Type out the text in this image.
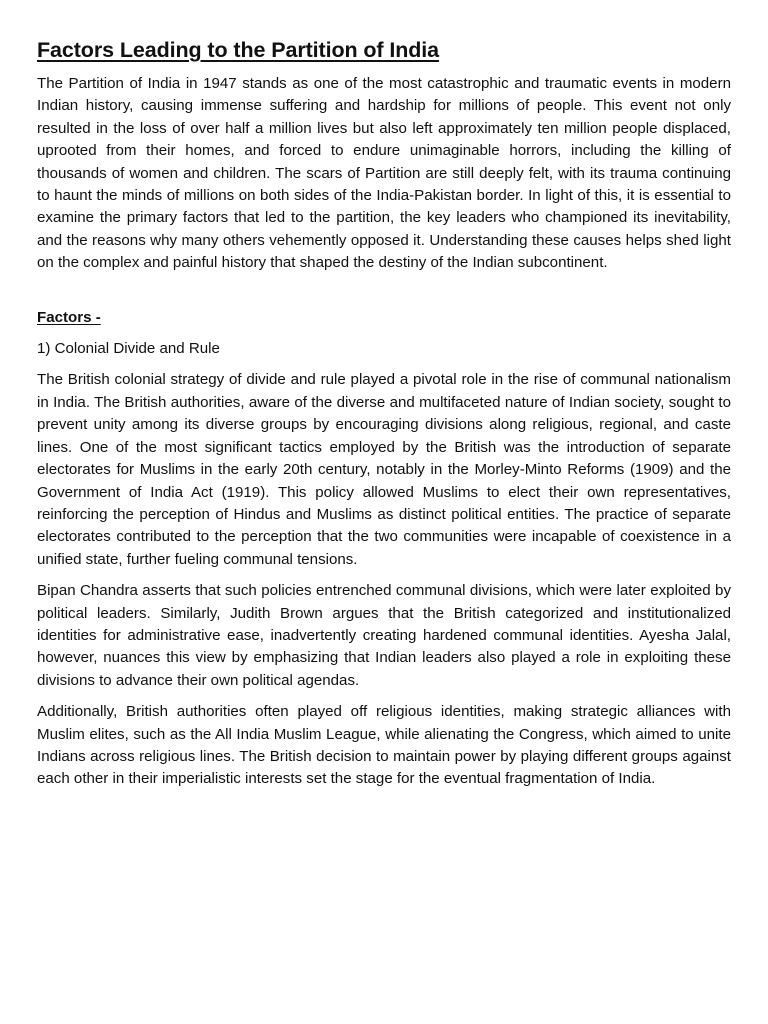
Factors Leading to the Partition of India

The Partition of India in 1947 stands as one of the most catastrophic and traumatic events in modern Indian history, causing immense suffering and hardship for millions of people. This event not only resulted in the loss of over half a million lives but also left approximately ten million people displaced, uprooted from their homes, and forced to endure unimaginable horrors, including the killing of thousands of women and children. The scars of Partition are still deeply felt, with its trauma continuing to haunt the minds of millions on both sides of the India-Pakistan border. In light of this, it is essential to examine the primary factors that led to the partition, the key leaders who championed its inevitability, and the reasons why many others vehemently opposed it. Understanding these causes helps shed light on the complex and painful history that shaped the destiny of the Indian subcontinent.

Factors -
1) Colonial Divide and Rule

The British colonial strategy of divide and rule played a pivotal role in the rise of communal nationalism in India. The British authorities, aware of the diverse and multifaceted nature of Indian society, sought to prevent unity among its diverse groups by encouraging divisions along religious, regional, and caste lines. One of the most significant tactics employed by the British was the introduction of separate electorates for Muslims in the early 20th century, notably in the Morley-Minto Reforms (1909) and the Government of India Act (1919). This policy allowed Muslims to elect their own representatives, reinforcing the perception of Hindus and Muslims as distinct political entities. The practice of separate electorates contributed to the perception that the two communities were incapable of coexistence in a unified state, further fueling communal tensions.

Bipan Chandra asserts that such policies entrenched communal divisions, which were later exploited by political leaders. Similarly, Judith Brown argues that the British categorized and institutionalized identities for administrative ease, inadvertently creating hardened communal identities. Ayesha Jalal, however, nuances this view by emphasizing that Indian leaders also played a role in exploiting these divisions to advance their own political agendas.

Additionally, British authorities often played off religious identities, making strategic alliances with Muslim elites, such as the All India Muslim League, while alienating the Congress, which aimed to unite Indians across religious lines. The British decision to maintain power by playing different groups against each other in their imperialistic interests set the stage for the eventual fragmentation of India.
